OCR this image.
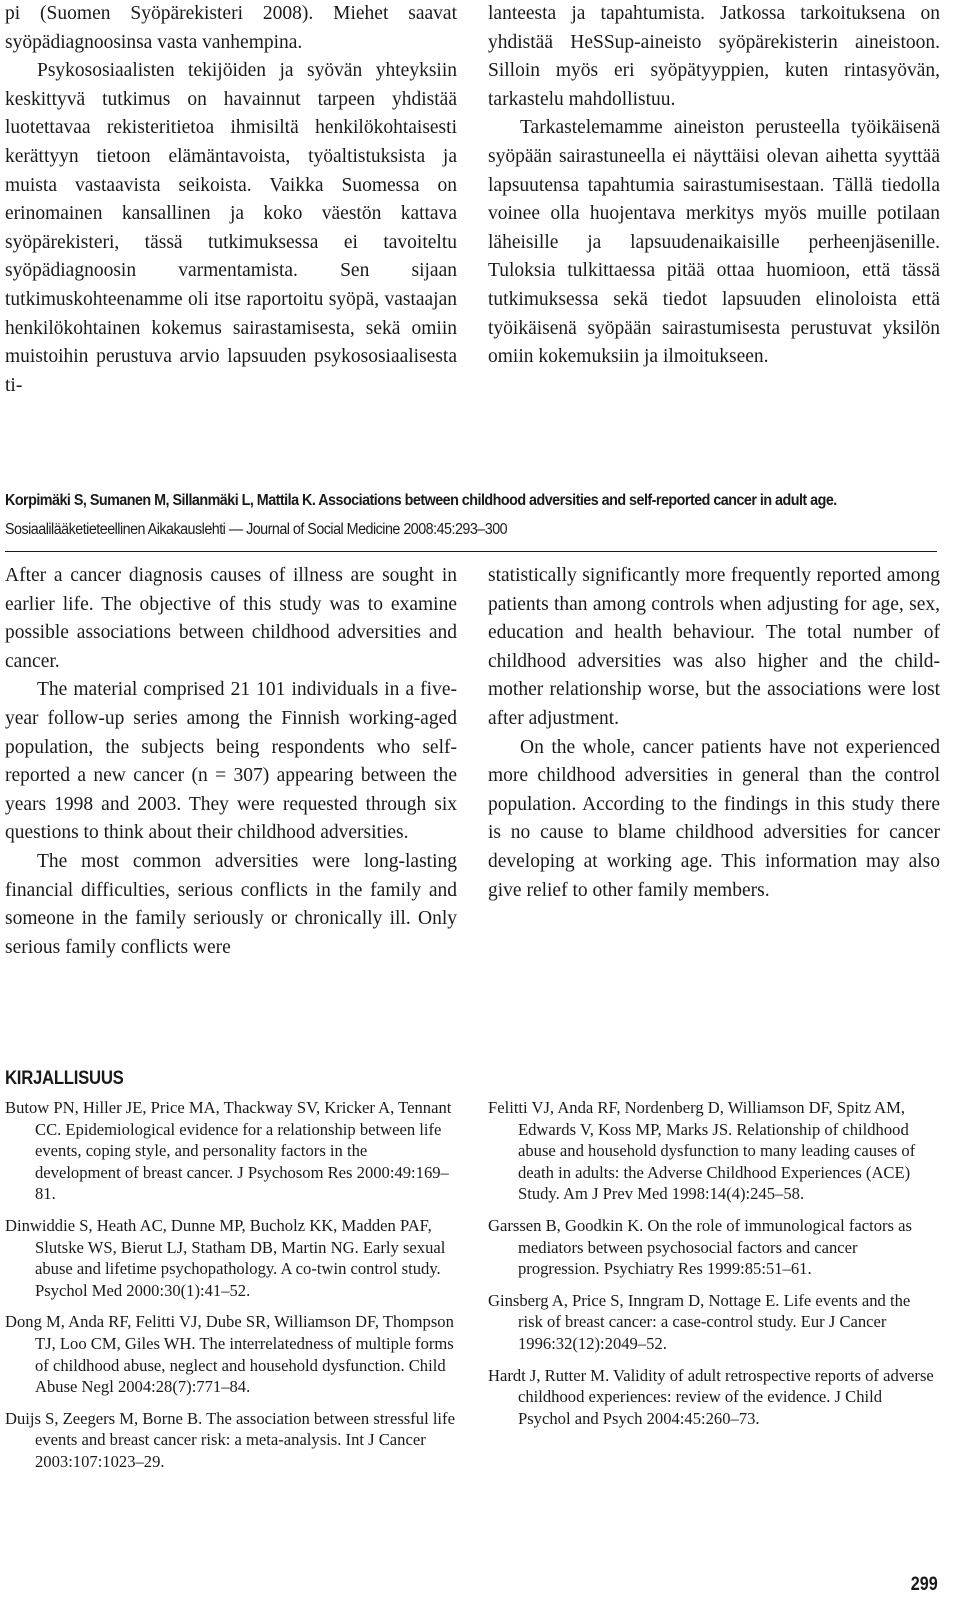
pi (Suomen Syöpärekisteri 2008). Miehet saavat syöpädiagnoosinsa vasta vanhempina.

Psykososiaalisten tekijöiden ja syövän yhteyksiin keskittyvä tutkimus on havainnut tarpeen yhdistää luotettavaa rekisteritietoa ihmisiltä henkilökohtaisesti kerättyyn tietoon elämäntavoista, työaltistuksista ja muista vastaavista seikoista. Vaikka Suomessa on erinomainen kansallinen ja koko väestön kattava syöpärekisteri, tässä tutkimuksessa ei tavoiteltu syöpädiagnoosin varmentamista. Sen sijaan tutkimuskohteenamme oli itse raportoitu syöpä, vastaajan henkilökohtainen kokemus sairastamisesta, sekä omiin muistoihin perustuva arvio lapsuuden psykososiaalisesta ti-

lanteesta ja tapahtumista. Jatkossa tarkoituksena on yhdistää HeSSup-aineisto syöpärekisterin aineistoon. Silloin myös eri syöpätyyppien, kuten rintasyövän, tarkastelu mahdollistuu.

Tarkastelemamme aineiston perusteella työikäisenä syöpään sairastuneella ei näyttäisi olevan aihetta syyttää lapsuutensa tapahtumia sairastumisestaan. Tällä tiedolla voinee olla huojentava merkitys myös muille potilaan läheisille ja lapsuudenaikaisille perheenjäsenille. Tuloksia tulkittaessa pitää ottaa huomioon, että tässä tutkimuksessa sekä tiedot lapsuuden elinoloista että työikäisenä syöpään sairastumisesta perustuvat yksilön omiin kokemuksiin ja ilmoitukseen.

Korpimäki S, Sumanen M, Sillanmäki L, Mattila K. Associations between childhood adversities and self-reported cancer in adult age.
Sosiaalilääketieteellinen Aikakauslehti — Journal of Social Medicine 2008:45:293–300

After a cancer diagnosis causes of illness are sought in earlier life. The objective of this study was to examine possible associations between childhood adversities and cancer.

The material comprised 21 101 individuals in a five-year follow-up series among the Finnish working-aged population, the subjects being respondents who self-reported a new cancer (n = 307) appearing between the years 1998 and 2003. They were requested through six questions to think about their childhood adversities.

The most common adversities were long-lasting financial difficulties, serious conflicts in the family and someone in the family seriously or chronically ill. Only serious family conflicts were

statistically significantly more frequently reported among patients than among controls when adjusting for age, sex, education and health behaviour. The total number of childhood adversities was also higher and the child-mother relationship worse, but the associations were lost after adjustment.

On the whole, cancer patients have not experienced more childhood adversities in general than the control population. According to the findings in this study there is no cause to blame childhood adversities for cancer developing at working age. This information may also give relief to other family members.

KIRJALLISUUS

Butow PN, Hiller JE, Price MA, Thackway SV, Kricker A, Tennant CC. Epidemiological evidence for a relationship between life events, coping style, and personality factors in the development of breast cancer. J Psychosom Res 2000:49:169–81.

Dinwiddie S, Heath AC, Dunne MP, Bucholz KK, Madden PAF, Slutske WS, Bierut LJ, Statham DB, Martin NG. Early sexual abuse and lifetime psychopathology. A co-twin control study. Psychol Med 2000:30(1):41–52.

Dong M, Anda RF, Felitti VJ, Dube SR, Williamson DF, Thompson TJ, Loo CM, Giles WH. The interrelatedness of multiple forms of childhood abuse, neglect and household dysfunction. Child Abuse Negl 2004:28(7):771–84.

Duijs S, Zeegers M, Borne B. The association between stressful life events and breast cancer risk: a meta-analysis. Int J Cancer 2003:107:1023–29.

Felitti VJ, Anda RF, Nordenberg D, Williamson DF, Spitz AM, Edwards V, Koss MP, Marks JS. Relationship of childhood abuse and household dysfunction to many leading causes of death in adults: the Adverse Childhood Experiences (ACE) Study. Am J Prev Med 1998:14(4):245–58.

Garssen B, Goodkin K. On the role of immunological factors as mediators between psychosocial factors and cancer progression. Psychiatry Res 1999:85:51–61.

Ginsberg A, Price S, Inngram D, Nottage E. Life events and the risk of breast cancer: a case-control study. Eur J Cancer 1996:32(12):2049–52.

Hardt J, Rutter M. Validity of adult retrospective reports of adverse childhood experiences: review of the evidence. J Child Psychol and Psych 2004:45:260–73.

299
